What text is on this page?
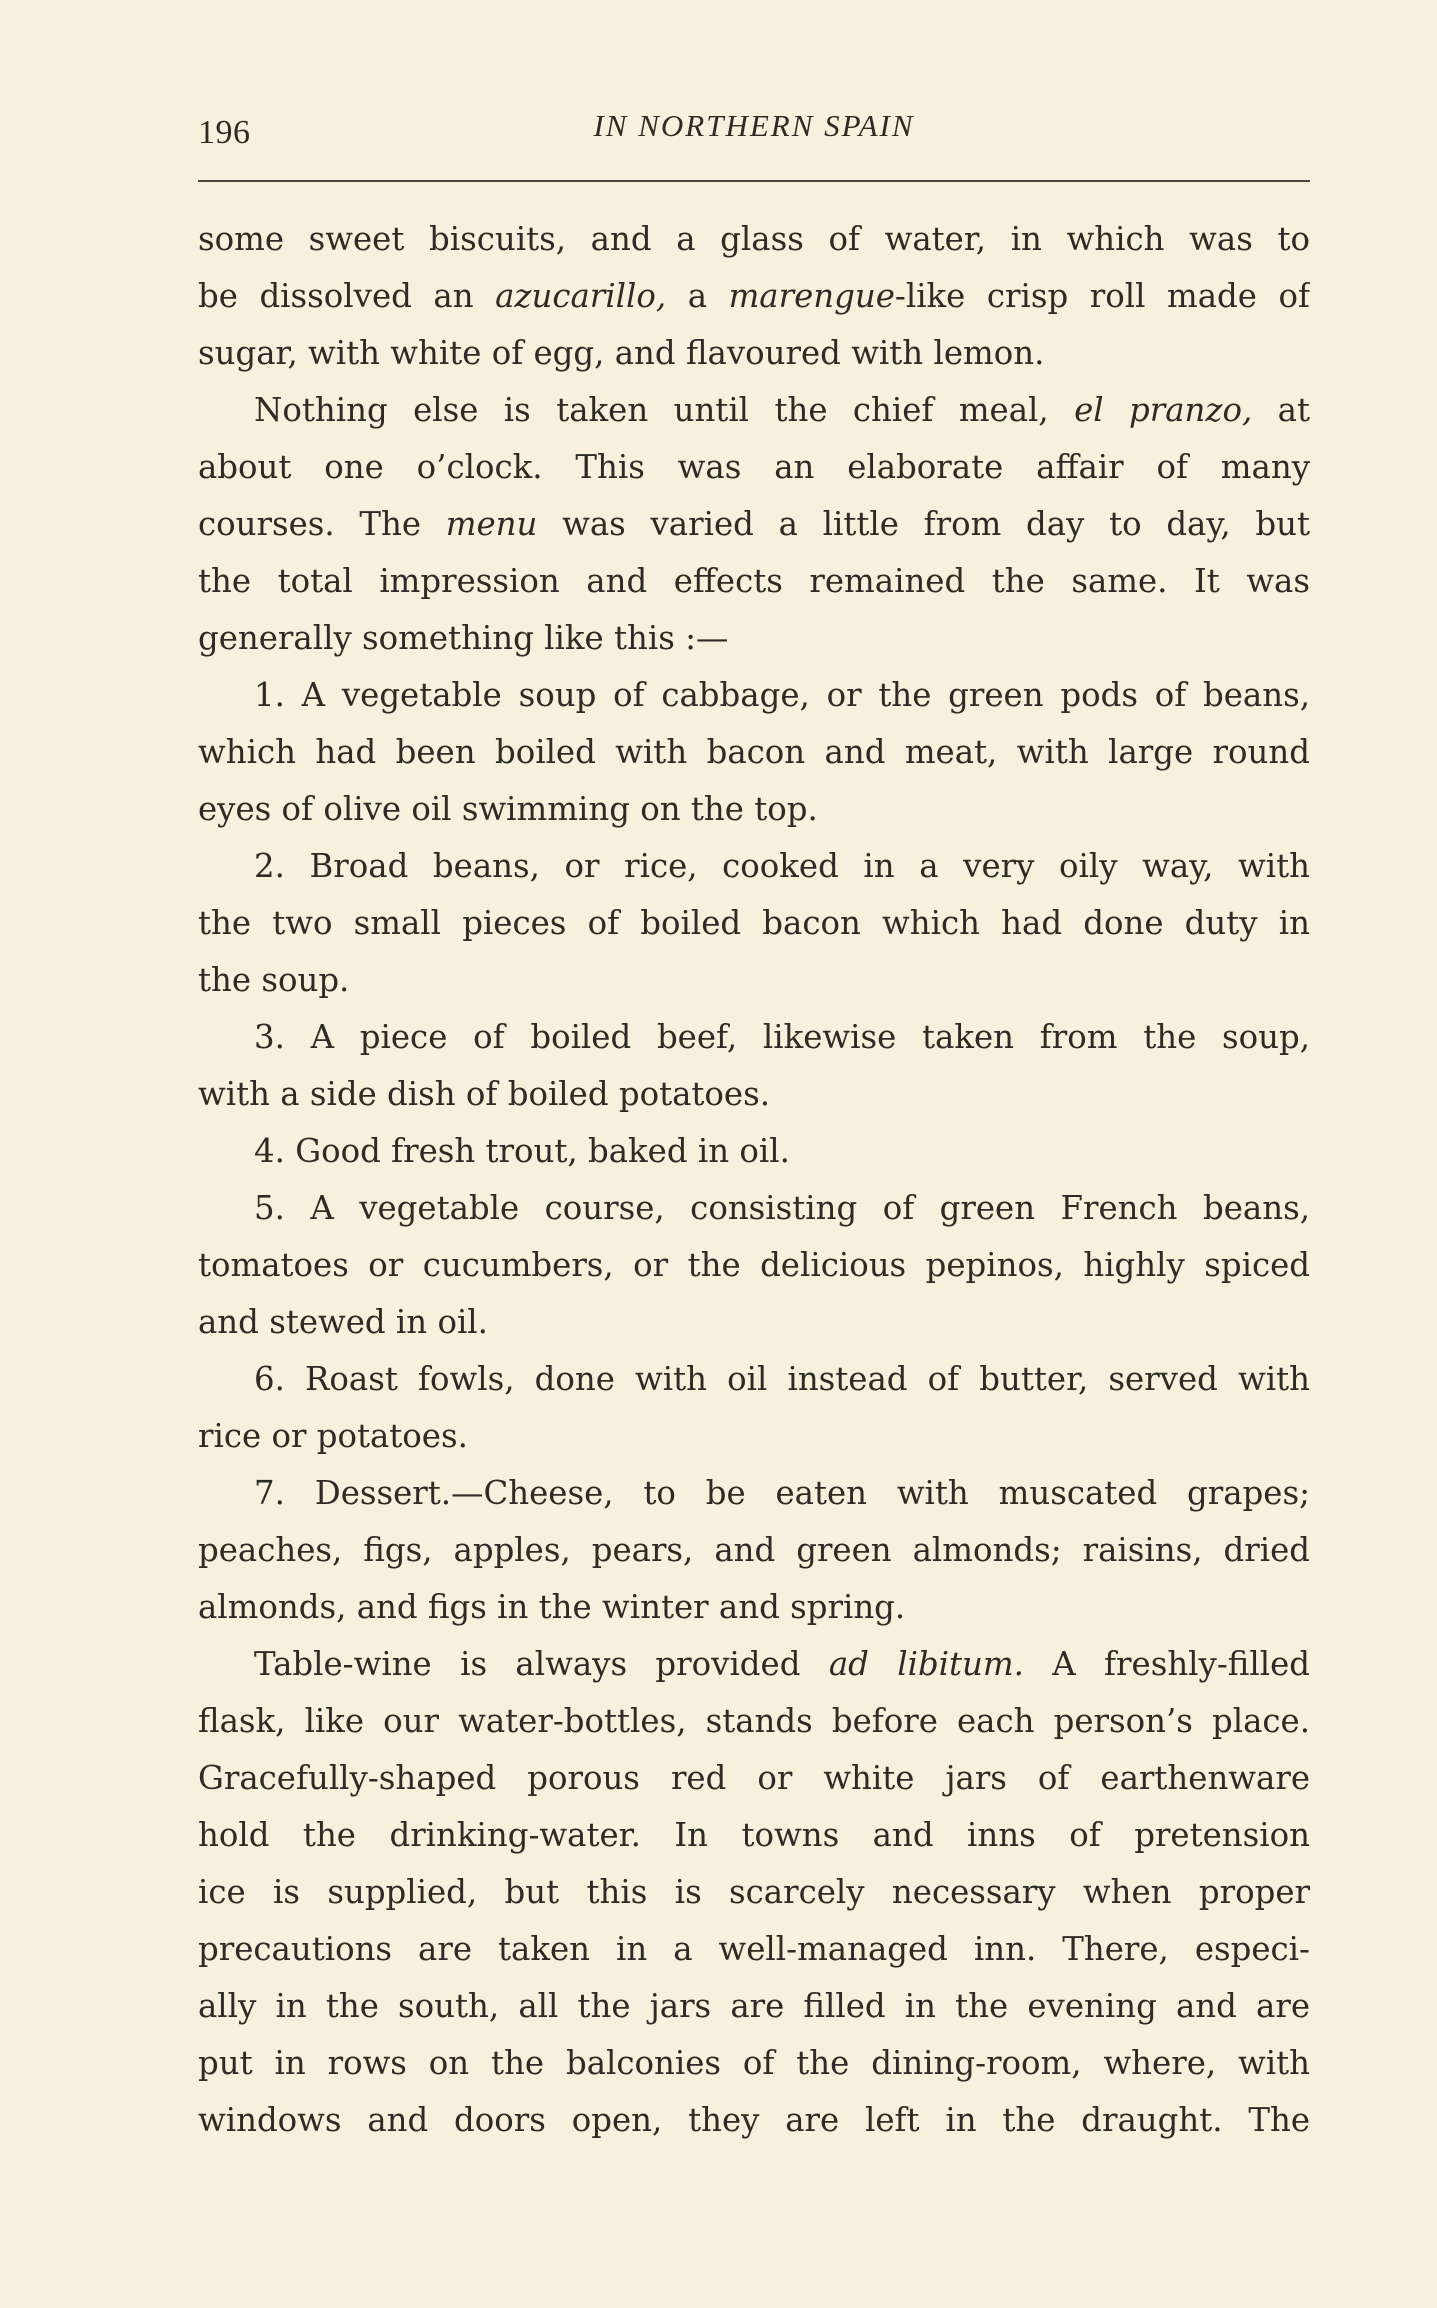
196	IN NORTHERN SPAIN
some sweet biscuits, and a glass of water, in which was to
be dissolved an azucarillo, a marengue-like crisp roll made of
sugar, with white of egg, and flavoured with lemon.
Nothing else is taken until the chief meal, el pranzo, at
about one o’clock. This was an elaborate affair of many
courses. The menu was varied a little from day to day, but
the total impression and effects remained the same. It was
generally something like this :—
1. A vegetable soup of cabbage, or the green pods of beans,
which had been boiled with bacon and meat, with large round
eyes of olive oil swimming on the top.
2. Broad beans, or rice, cooked in a very oily way, with
the two small pieces of boiled bacon which had done duty in
the soup.
3. A piece of boiled beef, likewise taken from the soup,
with a side dish of boiled potatoes.
4. Good fresh trout, baked in oil.
5. A vegetable course, consisting of green French beans,
tomatoes or cucumbers, or the delicious pepinos, highly spiced
and stewed in oil.
6. Roast fowls, done with oil instead of butter, served with
rice or potatoes.
7. Dessert.—Cheese, to be eaten with muscated grapes;
peaches, figs, apples, pears, and green almonds; raisins, dried
almonds, and figs in the winter and spring.
Table-wine is always provided ad libitum. A freshly-filled
flask, like our water-bottles, stands before each person’s place.
Gracefully-shaped porous red or white jars of earthenware
hold the drinking-water. In towns and inns of pretension
ice is supplied, but this is scarcely necessary when proper
precautions are taken in a well-managed inn. There, especi-
ally in the south, all the jars are filled in the evening and are
put in rows on the balconies of the dining-room, where, with
windows and doors open, they are left in the draught. The
